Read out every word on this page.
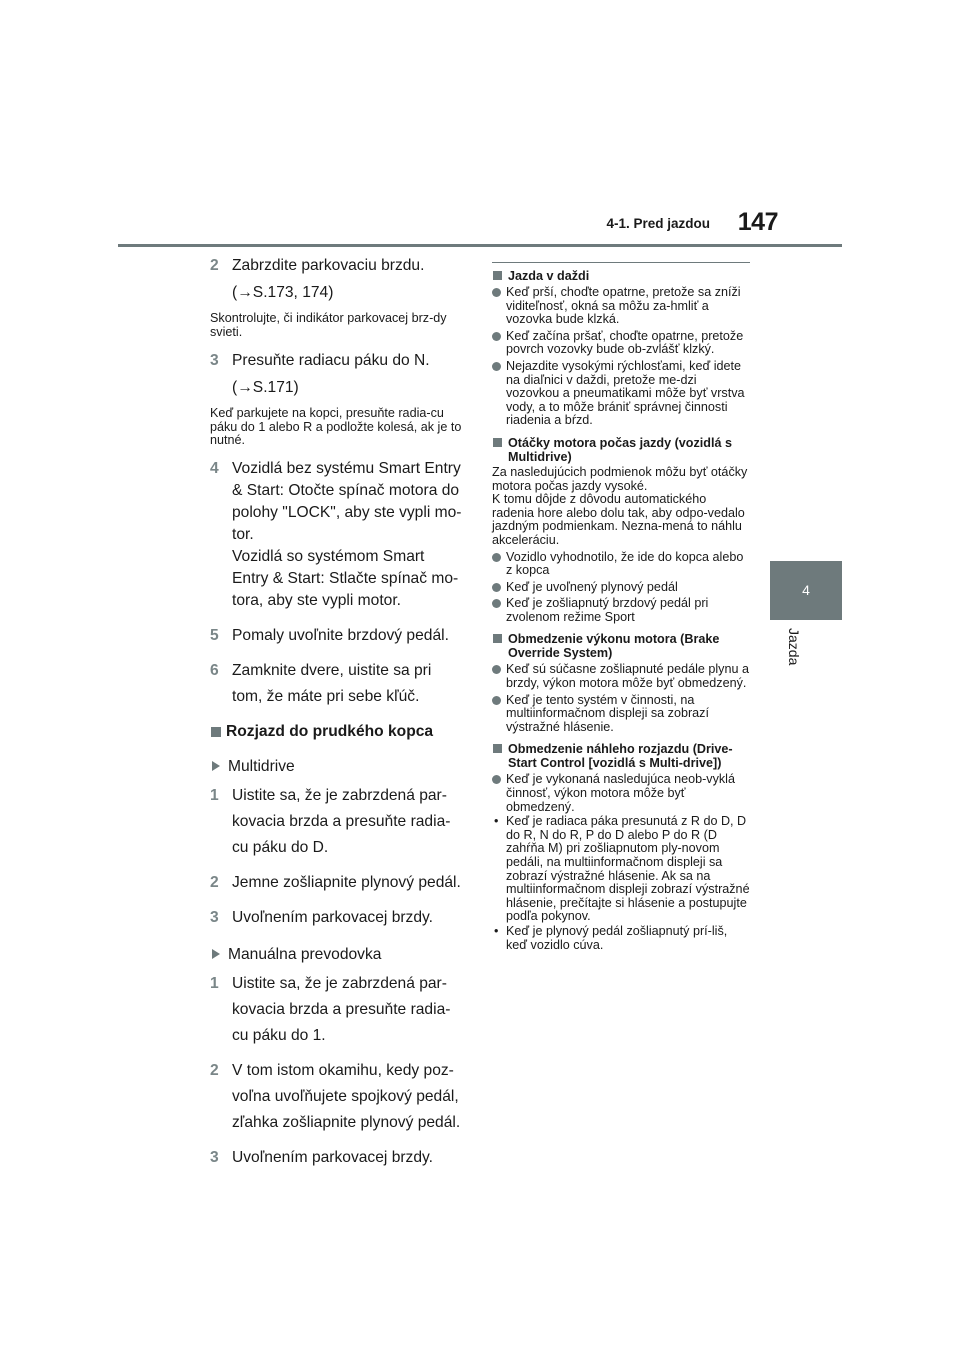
4-1. Pred jazdou	147
4
Jazda
2 Zabrzdite parkovaciu brzdu.
(→S.173, 174)
Skontrolujte, či indikátor parkovacej brz-dy svieti.
3 Presuňte radiacu páku do N.
(→S.171)
Keď parkujete na kopci, presuňte radia-cu páku do 1 alebo R a podložte kolesá, ak je to nutné.
4 Vozidlá bez systému Smart Entry
& Start: Otočte spínač motora do
polohy "LOCK", aby ste vypli mo-
tor.
Vozidlá so systémom Smart
Entry & Start: Stlačte spínač mo-
tora, aby ste vypli motor.
5 Pomaly uvoľnite brzdový pedál.
6 Zamknite dvere, uistite sa pri
tom, že máte pri sebe kľúč.
Rozjazd do prudkého kopca
Multidrive
1 Uistite sa, že je zabrzdená par-
kovacia brzda a presuňte radia-
cu páku do D.
2 Jemne zošliapnite plynový pedál.
3 Uvoľnením parkovacej brzdy.
Manuálna prevodovka
1 Uistite sa, že je zabrzdená par-
kovacia brzda a presuňte radia-
cu páku do 1.
2 V tom istom okamihu, kedy poz-
voľna uvoľňujete spojkový pedál,
zľahka zošliapnite plynový pedál.
3 Uvoľnením parkovacej brzdy.
Jazda v daždi
Keď prší, choďte opatrne, pretože sa zníži viditeľnosť, okná sa môžu za-hmliť a vozovka bude klzká.
Keď začína pršať, choďte opatrne, pretože povrch vozovky bude ob-zvlášť klzký.
Nejazdite vysokými rýchlosťami, keď idete na diaľnici v daždi, pretože me-dzi vozovkou a pneumatikami môže byť vrstva vody, a to môže brániť správnej činnosti riadenia a bŕzd.
Otáčky motora počas jazdy (vozidlá s Multidrive)
Za nasledujúcich podmienok môžu byť otáčky motora počas jazdy vysoké.
K tomu dôjde z dôvodu automatického radenia hore alebo dolu tak, aby odpo-vedalo jazdným podmienkam. Nezna-mená to náhlu akceleráciu.
Vozidlo vyhodnotilo, že ide do kopca alebo z kopca
Keď je uvoľnený plynový pedál
Keď je zošliapnutý brzdový pedál pri zvolenom režime Sport
Obmedzenie výkonu motora (Brake Override System)
Keď sú súčasne zošliapnuté pedále plynu a brzdy, výkon motora môže byť obmedzený.
Keď je tento systém v činnosti, na multiinformačnom displeji sa zobrazí výstražné hlásenie.
Obmedzenie náhleho rozjazdu (Drive-Start Control [vozidlá s Multi-drive])
Keď je vykonaná nasledujúca neob-vyklá činnosť, výkon motora môže byť obmedzený.
• Keď je radiaca páka presunutá z R do D, D do R, N do R, P do D alebo P do R (D zahŕňa M) pri zošliapnutom ply-novom pedáli, na multiinformačnom displeji sa zobrazí výstražné hlásenie. Ak sa na multiinformačnom displeji zobrazí výstražné hlásenie, prečítajte si hlásenie a postupujte podľa pokynov.
• Keď je plynový pedál zošliapnutý prí-liš, keď vozidlo cúva.
